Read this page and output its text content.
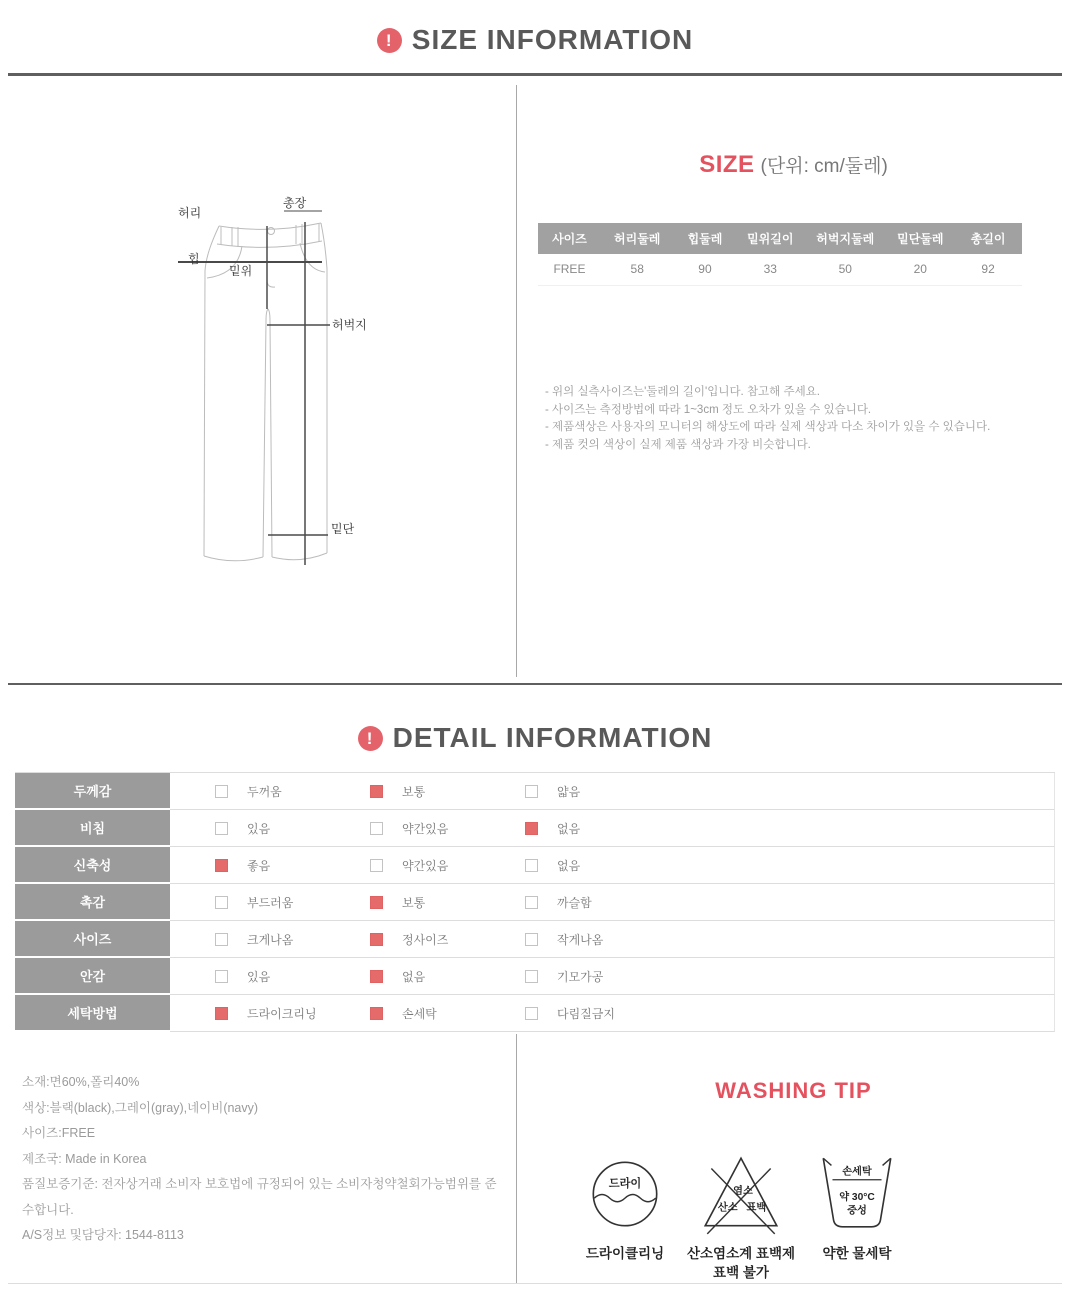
! SIZE INFORMATION
허리
총장
힙
밑위
허벅지
밑단
SIZE (단위: cm/둘레)
사이즈	허리둘레	힙둘레	밑위길이	허벅지둘레	밑단둘레	총길이
FREE	58	90	33	50	20	92
- 위의 실측사이즈는'둘레의 길이'입니다. 참고해 주세요.
- 사이즈는 측정방법에 따라 1~3cm 정도 오차가 있을 수 있습니다.
- 제품색상은 사용자의 모니터의 해상도에 따라 실제 색상과 다소 차이가 있을 수 있습니다.
- 제품 컷의 색상이 실제 제품 색상과 가장 비슷합니다.
! DETAIL INFORMATION
두께감	두꺼움	보통	얇음
비침	있음	약간있음	없음
신축성	좋음	약간있음	없음
촉감	부드러움	보통	까슬함
사이즈	크게나옴	정사이즈	작게나옴
안감	있음	없음	기모가공
세탁방법	드라이크리닝	손세탁	다림질금지
소재:면60%,폴리40%
색상:블랙(black),그레이(gray),네이비(navy)
사이즈:FREE
제조국: Made in Korea
품질보증기준: 전자상거래 소비자 보호법에 규정되어 있는 소비자청약철회가능범위를 준수합니다.
A/S정보 및담당자: 1544-8113
WASHING TIP
드라이
드라이클리닝
염소
산소 표백
산소염소계 표백제
표백 불가
손세탁
약 30°C
중성
약한 물세탁
